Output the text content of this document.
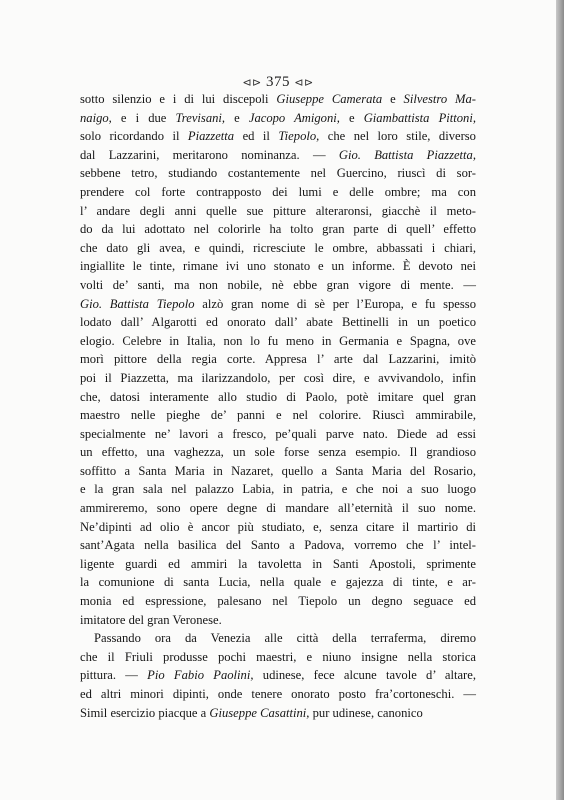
⊲⊳ 375 ⊲⊳
sotto silenzio e i di lui discepoli Giuseppe Camerata e Silvestro Ma-
naigo, e i due Trevisani, e Jacopo Amigoni, e Giambattista Pittoni,
solo ricordando il Piazzetta ed il Tiepolo, che nel loro stile, diverso
dal Lazzarini, meritarono nominanza. — Gio. Battista Piazzetta,
sebbene tetro, studiando costantemente nel Guercino, riuscì di sor-
prendere col forte contrapposto dei lumi e delle ombre; ma con
l’ andare degli anni quelle sue pitture alteraronsi, giacchè il meto-
do da lui adottato nel colorirle ha tolto gran parte di quell’ effetto
che dato gli avea, e quindi, ricresciute le ombre, abbassati i chiari,
ingiallite le tinte, rimane ivi uno stonato e un informe. È devoto nei
volti de’ santi, ma non nobile, nè ebbe gran vigore di mente. —
Gio. Battista Tiepolo alzò gran nome di sè per l’Europa, e fu spesso
lodato dall’ Algarotti ed onorato dall’ abate Bettinelli in un poetico
elogio. Celebre in Italia, non lo fu meno in Germania e Spagna, ove
morì pittore della regia corte. Appresa l’ arte dal Lazzarini, imitò
poi il Piazzetta, ma ilarizzandolo, per così dire, e avvivandolo, infin
che, datosi interamente allo studio di Paolo, potè imitare quel gran
maestro nelle pieghe de’ panni e nel colorire. Riuscì ammirabile,
specialmente ne’ lavori a fresco, pe’quali parve nato. Diede ad essi
un effetto, una vaghezza, un sole forse senza esempio. Il grandioso
soffitto a Santa Maria in Nazaret, quello a Santa Maria del Rosario,
e la gran sala nel palazzo Labia, in patria, e che noi a suo luogo
ammireremo, sono opere degne di mandare all’eternità il suo nome.
Ne’dipinti ad olio è ancor più studiato, e, senza citare il martirio di
sant’Agata nella basilica del Santo a Padova, vorremo che l’ intel-
ligente guardi ed ammiri la tavoletta in Santi Apostoli, sprimente
la comunione di santa Lucia, nella quale e gajezza di tinte, e ar-
monia ed espressione, palesano nel Tiepolo un degno seguace ed
imitatore del gran Veronese.
Passando ora da Venezia alle città della terraferma, diremo
che il Friuli produsse pochi maestri, e niuno insigne nella storica
pittura. — Pio Fabio Paolini, udinese, fece alcune tavole d’ altare,
ed altri minori dipinti, onde tenere onorato posto fra’cortoneschi. —
Simil esercizio piacque a Giuseppe Casattini, pur udinese, canonico
